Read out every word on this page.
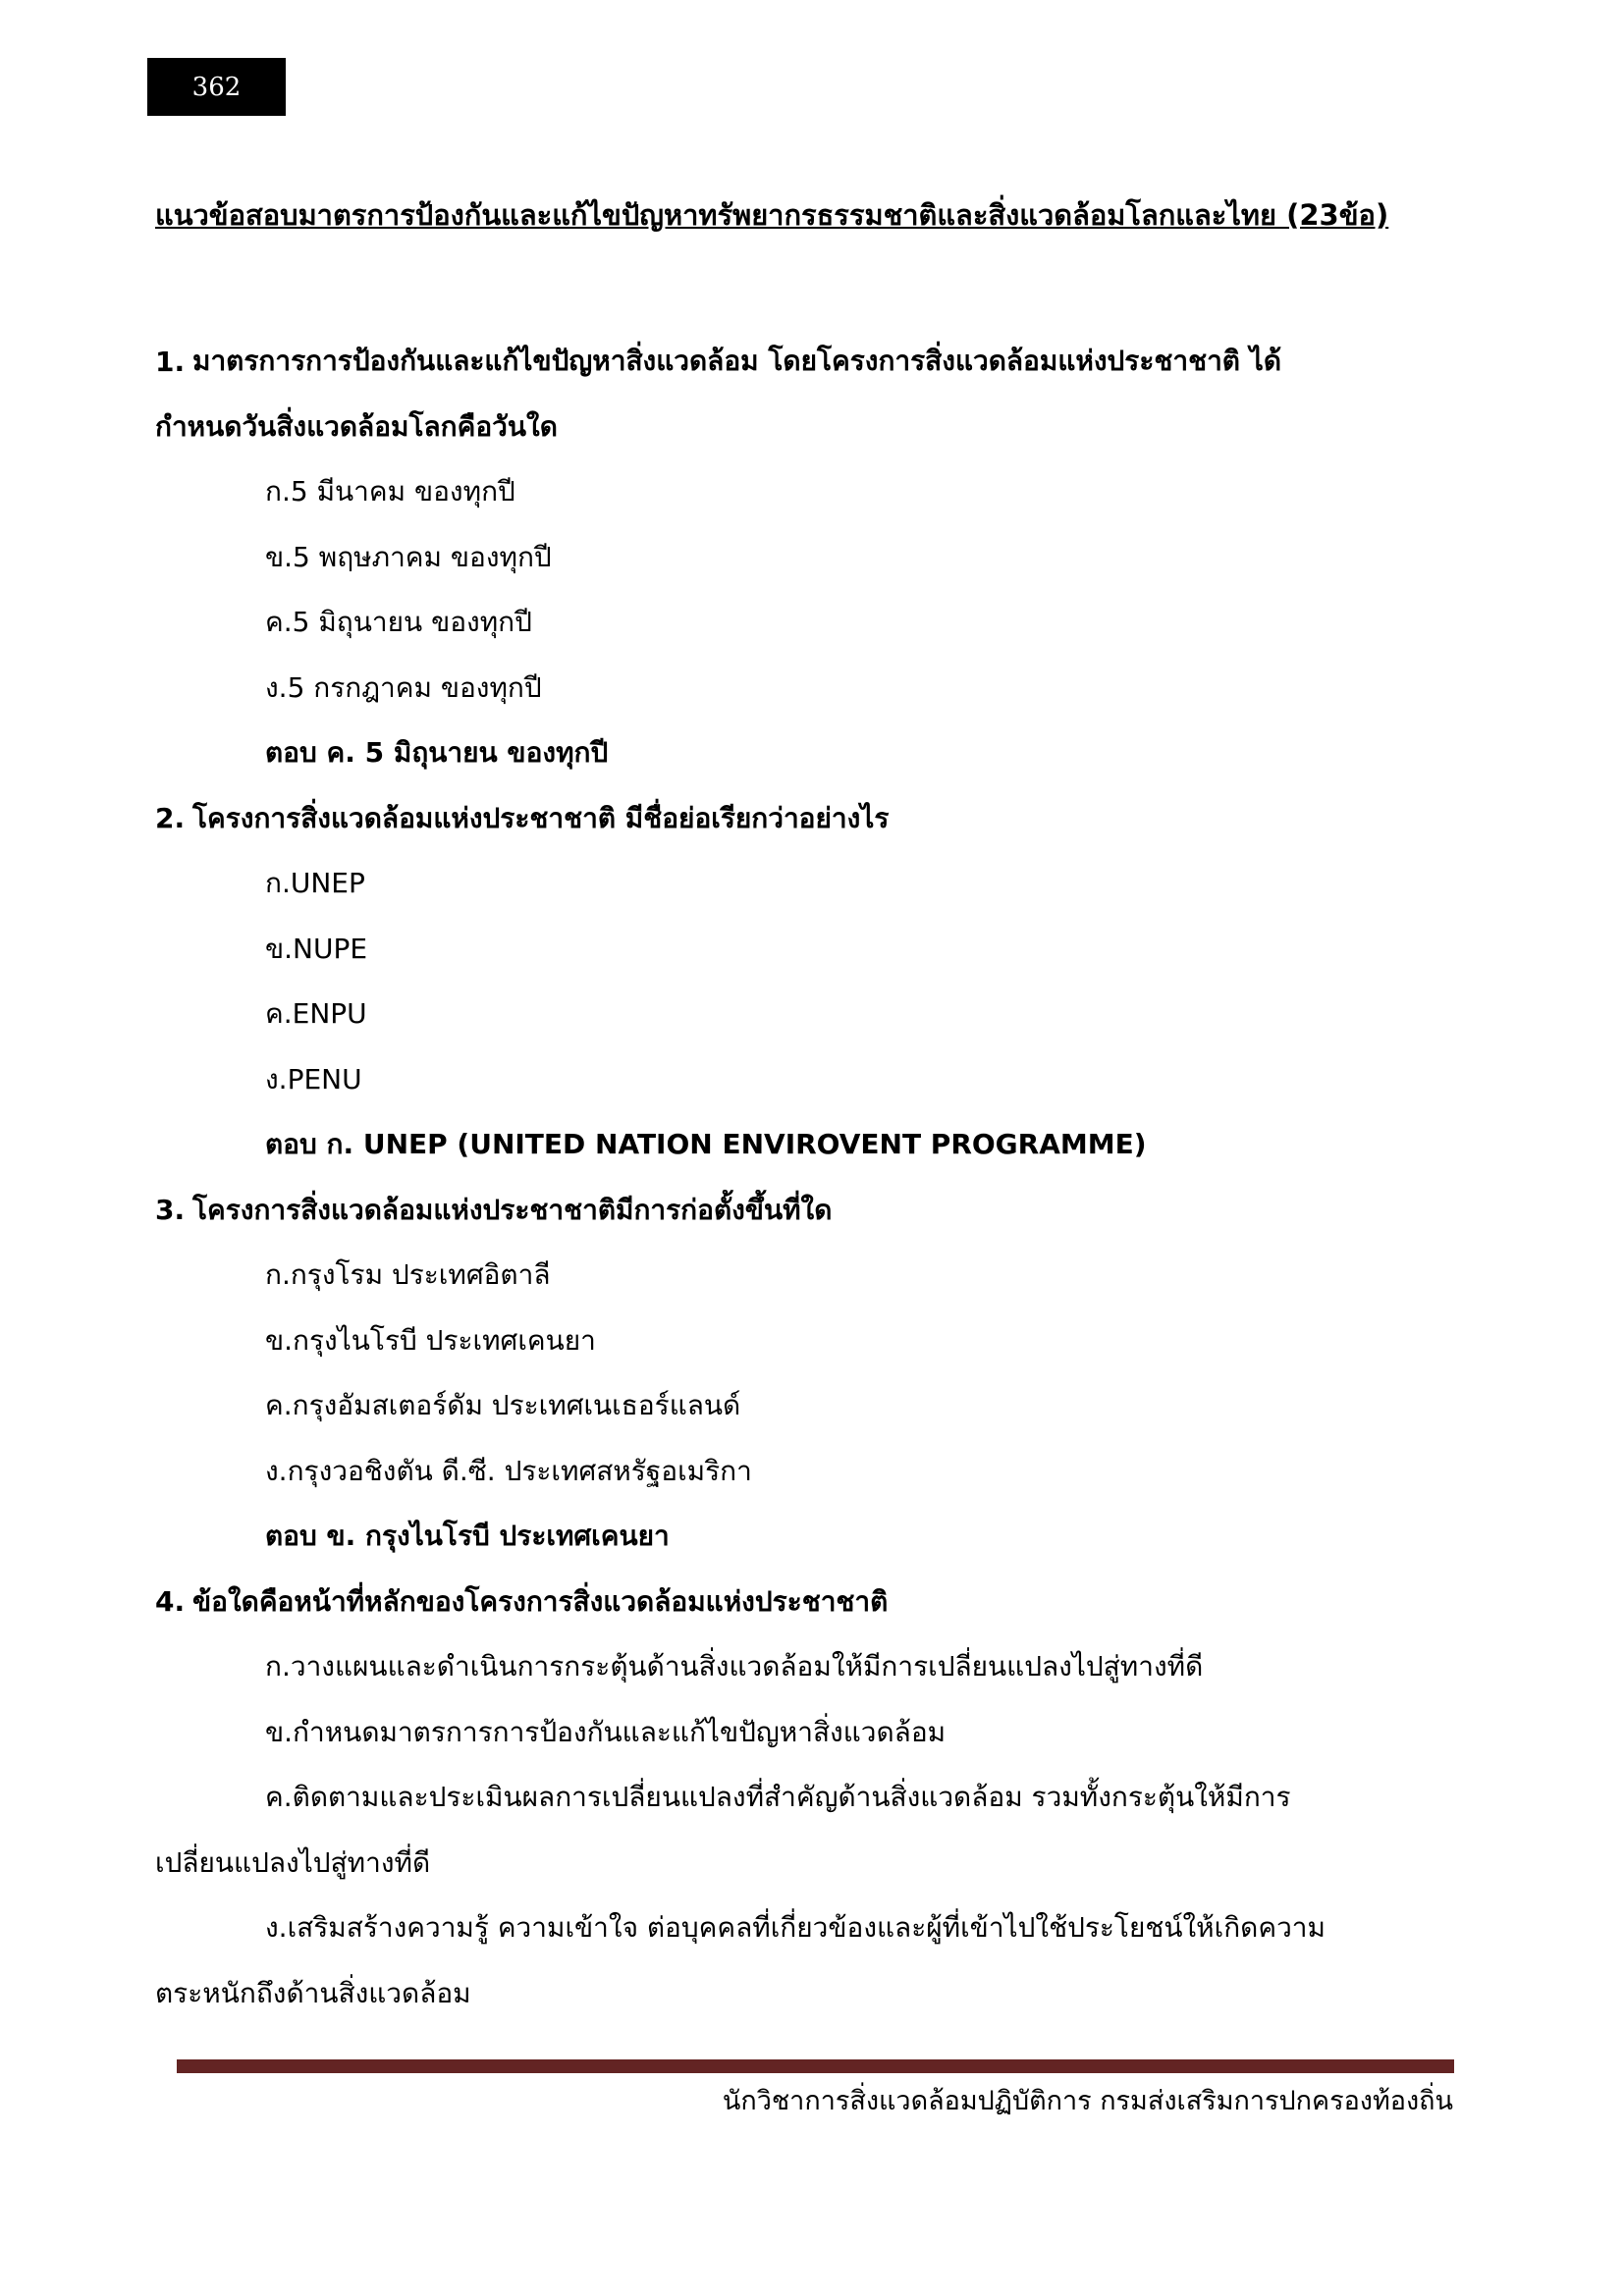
362
แนวข้อสอบมาตรการป้องกันและแก้ไขปัญหาทรัพยากรธรรมชาติและสิ่งแวดล้อมโลกและไทย (23ข้อ)
1. มาตรการการป้องกันและแก้ไขปัญหาสิ่งแวดล้อม โดยโครงการสิ่งแวดล้อมแห่งประชาชาติ ได้
กำหนดวันสิ่งแวดล้อมโลกคือวันใด
ก.5 มีนาคม ของทุกปี
ข.5 พฤษภาคม ของทุกปี
ค.5 มิถุนายน ของทุกปี
ง.5 กรกฎาคม ของทุกปี
ตอบ ค. 5 มิถุนายน ของทุกปี
2. โครงการสิ่งแวดล้อมแห่งประชาชาติ มีชื่อย่อเรียกว่าอย่างไร
ก.UNEP
ข.NUPE
ค.ENPU
ง.PENU
ตอบ ก. UNEP (UNITED NATION ENVIROVENT PROGRAMME)
3. โครงการสิ่งแวดล้อมแห่งประชาชาติมีการก่อตั้งขึ้นที่ใด
ก.กรุงโรม ประเทศอิตาลี
ข.กรุงไนโรบี ประเทศเคนยา
ค.กรุงอัมสเตอร์ดัม ประเทศเนเธอร์แลนด์
ง.กรุงวอชิงตัน ดี.ซี. ประเทศสหรัฐอเมริกา
ตอบ ข. กรุงไนโรบี ประเทศเคนยา
4. ข้อใดคือหน้าที่หลักของโครงการสิ่งแวดล้อมแห่งประชาชาติ
ก.วางแผนและดำเนินการกระตุ้นด้านสิ่งแวดล้อมให้มีการเปลี่ยนแปลงไปสู่ทางที่ดี
ข.กำหนดมาตรการการป้องกันและแก้ไขปัญหาสิ่งแวดล้อม
ค.ติดตามและประเมินผลการเปลี่ยนแปลงที่สำคัญด้านสิ่งแวดล้อม รวมทั้งกระตุ้นให้มีการ
เปลี่ยนแปลงไปสู่ทางที่ดี
ง.เสริมสร้างความรู้ ความเข้าใจ ต่อบุคคลที่เกี่ยวข้องและผู้ที่เข้าไปใช้ประโยชน์ให้เกิดความ
ตระหนักถึงด้านสิ่งแวดล้อม
นักวิชาการสิ่งแวดล้อมปฏิบัติการ กรมส่งเสริมการปกครองท้องถิ่น
